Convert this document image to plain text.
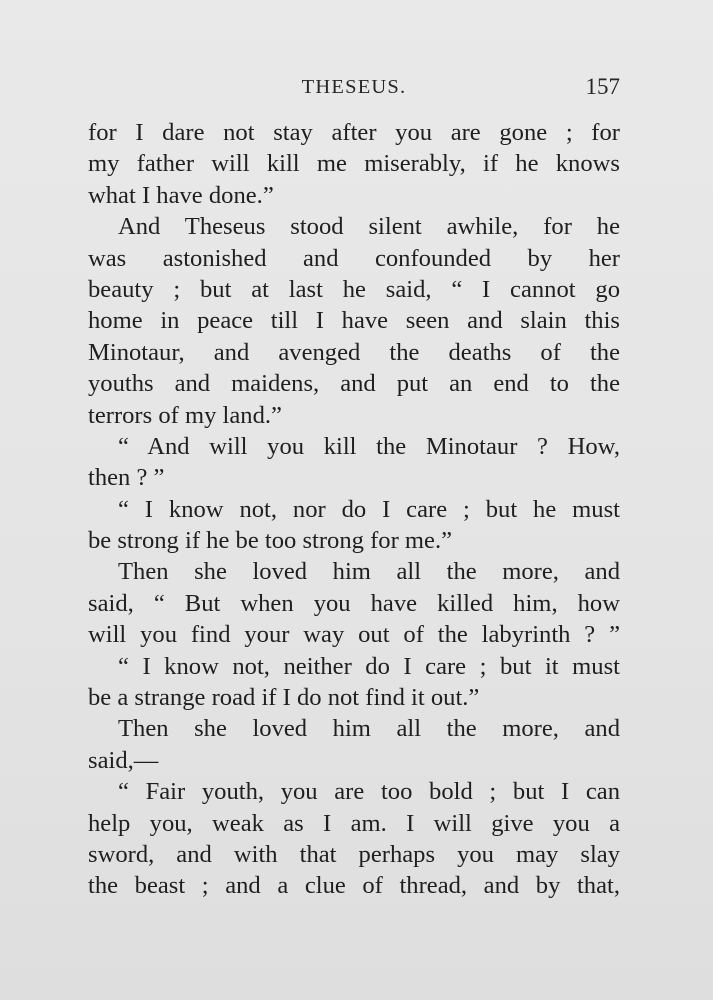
THESEUS.	157
for I dare not stay after you are gone ; for
my father will kill me miserably, if he knows
what I have done.”
And Theseus stood silent awhile, for he
was astonished and confounded by her
beauty ; but at last he said, “ I cannot go
home in peace till I have seen and slain this
Minotaur, and avenged the deaths of the
youths and maidens, and put an end to the
terrors of my land.”
“ And will you kill the Minotaur ? How,
then ? ”
“ I know not, nor do I care ; but he must
be strong if he be too strong for me.”
Then she loved him all the more, and
said, “ But when you have killed him, how
will you find your way out of the labyrinth ? ”
“ I know not, neither do I care ; but it must
be a strange road if I do not find it out.”
Then she loved him all the more, and
said,—
“ Fair youth, you are too bold ; but I can
help you, weak as I am. I will give you a
sword, and with that perhaps you may slay
the beast ; and a clue of thread, and by that,
